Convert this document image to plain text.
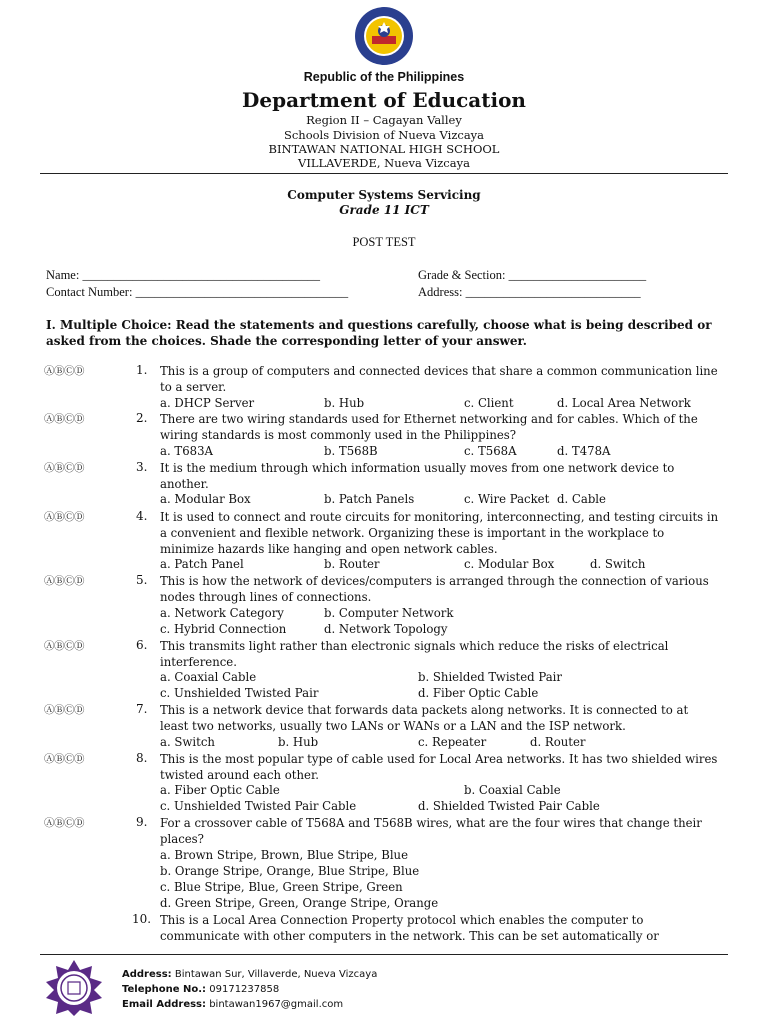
Republic of the Philippines
Department of Education
Region II – Cagayan Valley
Schools Division of Nueva Vizcaya
BINTAWAN NATIONAL HIGH SCHOOL
VILLAVERDE, Nueva Vizcaya
Computer Systems Servicing
Grade 11 ICT
POST TEST
Name: ______________________________________	Grade & Section: ______________________
Contact Number: __________________________________	Address: ____________________________
I. Multiple Choice: Read the statements and questions carefully, choose what is being described or asked from the choices. Shade the corresponding letter of your answer.
ⒶⒷⒸⒹ	1. This is a group of computers and connected devices that share a common communication line to a server.
a. DHCP Server	b. Hub	c. Client	d. Local Area Network
ⒶⒷⒸⒹ	2. There are two wiring standards used for Ethernet networking and for cables. Which of the wiring standards is most commonly used in the Philippines?
a. T683A	b. T568B	c. T568A	d. T478A
ⒶⒷⒸⒹ	3. It is the medium through which information usually moves from one network device to another.
a. Modular Box	b. Patch Panels	c. Wire Packet d. Cable
ⒶⒷⒸⒹ	4. It is used to connect and route circuits for monitoring, interconnecting, and testing circuits in a convenient and flexible network. Organizing these is important in the workplace to minimize hazards like hanging and open network cables.
a. Patch Panel	b. Router	c. Modular Box	d. Switch
ⒶⒷⒸⒹ	5. This is how the network of devices/computers is arranged through the connection of various nodes through lines of connections.
a. Network Category	b. Computer Network
c. Hybrid Connection	d. Network Topology
ⒶⒷⒸⒹ	6. This transmits light rather than electronic signals which reduce the risks of electrical interference.
a. Coaxial Cable	b. Shielded Twisted Pair
c. Unshielded Twisted Pair	d. Fiber Optic Cable
ⒶⒷⒸⒹ	7. This is a network device that forwards data packets along networks. It is connected to at least two networks, usually two LANs or WANs or a LAN and the ISP network.
a. Switch	b. Hub	c. Repeater	d. Router
ⒶⒷⒸⒹ	8. This is the most popular type of cable used for Local Area networks. It has two shielded wires twisted around each other.
a. Fiber Optic Cable	b. Coaxial Cable
c. Unshielded Twisted Pair Cable	d. Shielded Twisted Pair Cable
ⒶⒷⒸⒹ	9. For a crossover cable of T568A and T568B wires, what are the four wires that change their places?
a. Brown Stripe, Brown, Blue Stripe, Blue
b. Orange Stripe, Orange, Blue Stripe, Blue
c. Blue Stripe, Blue, Green Stripe, Green
d. Green Stripe, Green, Orange Stripe, Orange
10. This is a Local Area Connection Property protocol which enables the computer to communicate with other computers in the network. This can be set automatically or
Address: Bintawan Sur, Villaverde, Nueva Vizcaya
Telephone No.: 09171237858
Email Address: bintawan1967@gmail.com
